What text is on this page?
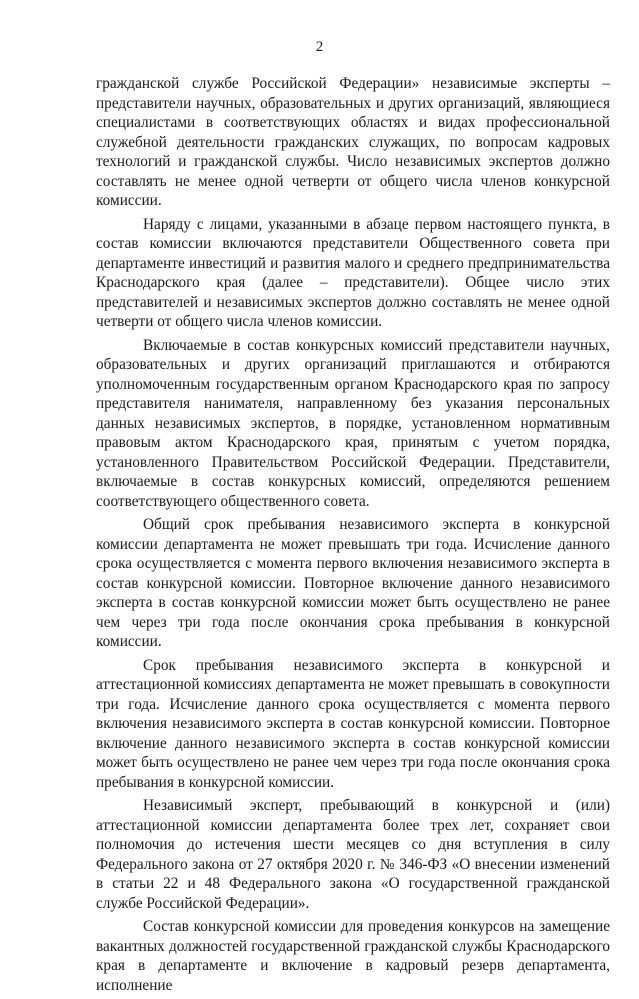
2

гражданской службе Российской Федерации» независимые эксперты – представители научных, образовательных и других организаций, являющиеся специалистами в соответствующих областях и видах профессиональной служебной деятельности гражданских служащих, по вопросам кадровых технологий и гражданской службы. Число независимых экспертов должно составлять не менее одной четверти от общего числа членов конкурсной комиссии.

Наряду с лицами, указанными в абзаце первом настоящего пункта, в состав комиссии включаются представители Общественного совета при департаменте инвестиций и развития малого и среднего предпринимательства Краснодарского края (далее – представители). Общее число этих представителей и независимых экспертов должно составлять не менее одной четверти от общего числа членов комиссии.

Включаемые в состав конкурсных комиссий представители научных, образовательных и других организаций приглашаются и отбираются уполномоченным государственным органом Краснодарского края по запросу представителя нанимателя, направленному без указания персональных данных независимых экспертов, в порядке, установленном нормативным правовым актом Краснодарского края, принятым с учетом порядка, установленного Правительством Российской Федерации. Представители, включаемые в состав конкурсных комиссий, определяются решением соответствующего общественного совета.

Общий срок пребывания независимого эксперта в конкурсной комиссии департамента не может превышать три года. Исчисление данного срока осуществляется с момента первого включения независимого эксперта в состав конкурсной комиссии. Повторное включение данного независимого эксперта в состав конкурсной комиссии может быть осуществлено не ранее чем через три года после окончания срока пребывания в конкурсной комиссии.

Срок пребывания независимого эксперта в конкурсной и аттестационной комиссиях департамента не может превышать в совокупности три года. Исчисление данного срока осуществляется с момента первого включения независимого эксперта в состав конкурсной комиссии. Повторное включение данного независимого эксперта в состав конкурсной комиссии может быть осуществлено не ранее чем через три года после окончания срока пребывания в конкурсной комиссии.

Независимый эксперт, пребывающий в конкурсной и (или) аттестационной комиссии департамента более трех лет, сохраняет свои полномочия до истечения шести месяцев со дня вступления в силу Федерального закона от 27 октября 2020 г. № 346-ФЗ «О внесении изменений в статьи 22 и 48 Федерального закона «О государственной гражданской службе Российской Федерации».

Состав конкурсной комиссии для проведения конкурсов на замещение вакантных должностей государственной гражданской службы Краснодарского края в департаменте и включение в кадровый резерв департамента, исполнение
